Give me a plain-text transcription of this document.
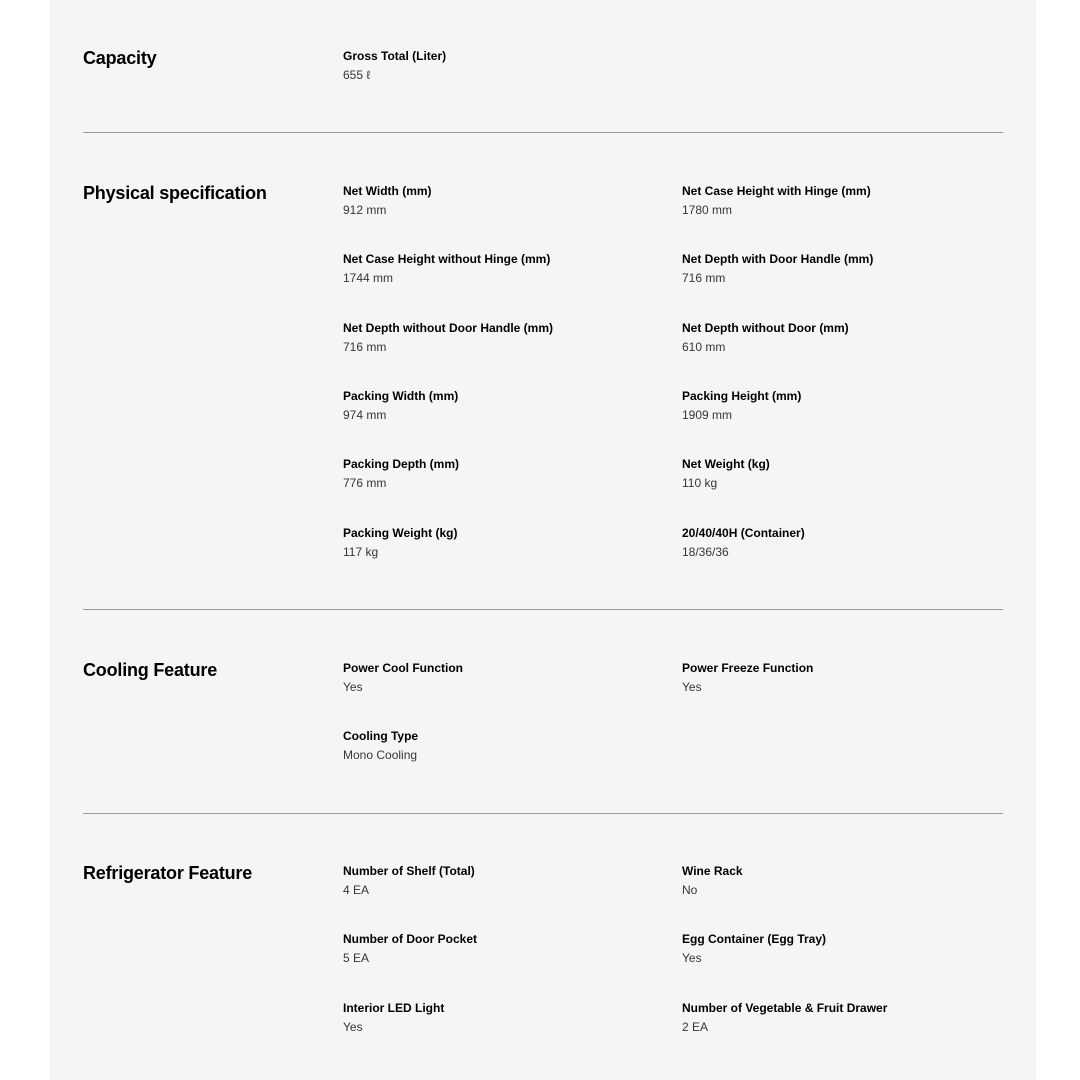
Capacity	Gross Total (Liter)
655 ℓ
Physical specification	Net Width (mm)
912 mm
Net Case Height with Hinge (mm)
1780 mm
Net Case Height without Hinge (mm)
1744 mm
Net Depth with Door Handle (mm)
716 mm
Net Depth without Door Handle (mm)
716 mm
Net Depth without Door (mm)
610 mm
Packing Width (mm)
974 mm
Packing Height (mm)
1909 mm
Packing Depth (mm)
776 mm
Net Weight (kg)
110 kg
Packing Weight (kg)
117 kg
20/40/40H (Container)
18/36/36
Cooling Feature	Power Cool Function
Yes
Power Freeze Function
Yes
Cooling Type
Mono Cooling
Refrigerator Feature	Number of Shelf (Total)
4 EA
Wine Rack
No
Number of Door Pocket
5 EA
Egg Container (Egg Tray)
Yes
Interior LED Light
Yes
Number of Vegetable & Fruit Drawer
2 EA
